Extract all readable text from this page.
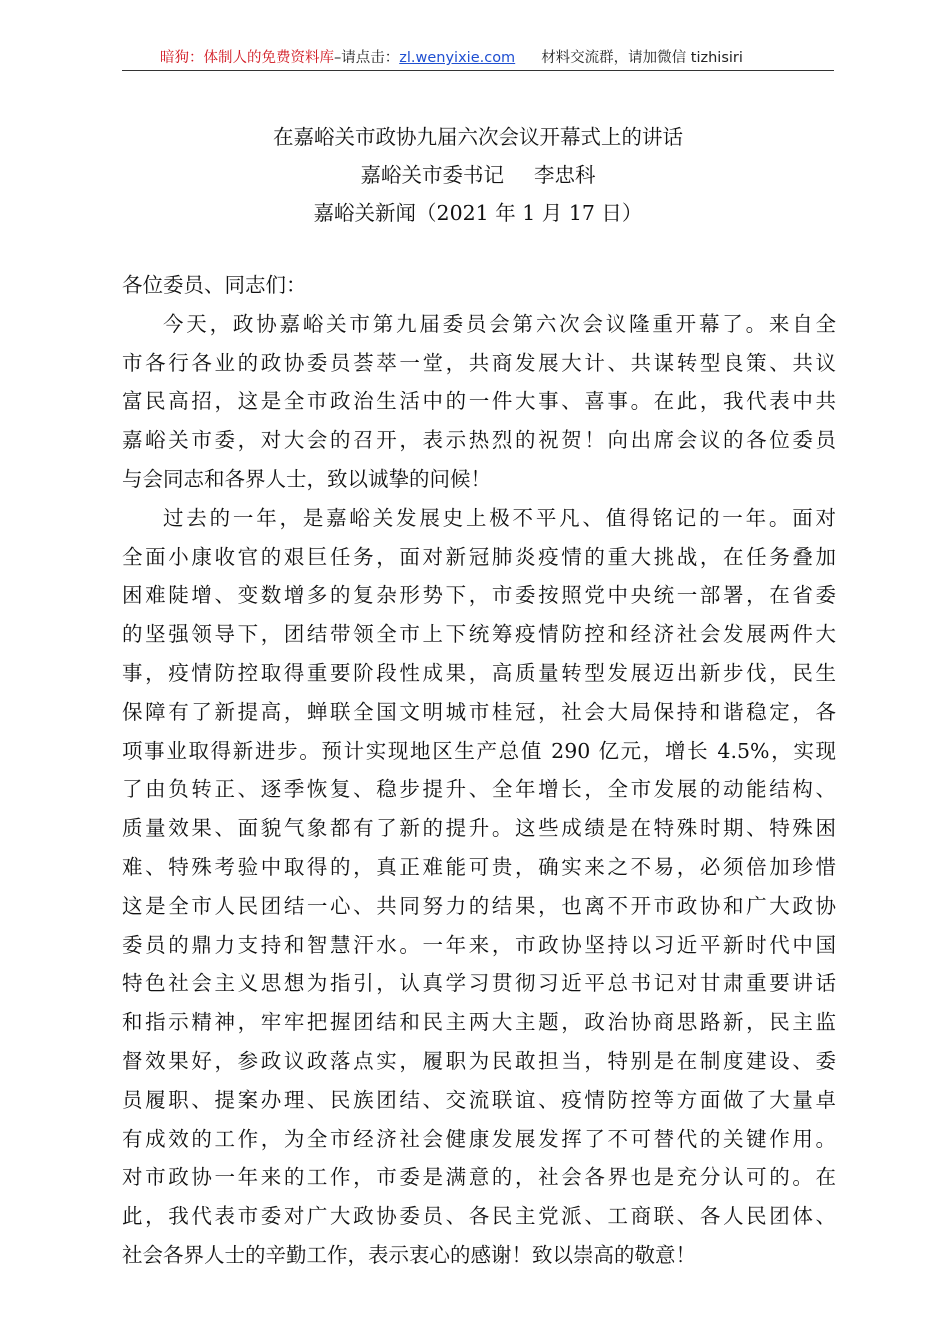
暗狗：体制人的免费资料库–请点击：zl.wenyixie.com 材料交流群，请加微信 tizhisiri
在嘉峪关市政协九届六次会议开幕式上的讲话
嘉峪关市委书记 李忠科
嘉峪关新闻（2021 年 1 月 17 日）
各位委员、同志们：
今天，政协嘉峪关市第九届委员会第六次会议隆重开幕了。来自全
市各行各业的政协委员荟萃一堂，共商发展大计、共谋转型良策、共议
富民高招，这是全市政治生活中的一件大事、喜事。在此，我代表中共
嘉峪关市委，对大会的召开，表示热烈的祝贺！向出席会议的各位委员
与会同志和各界人士，致以诚挚的问候！
过去的一年，是嘉峪关发展史上极不平凡、值得铭记的一年。面对
全面小康收官的艰巨任务，面对新冠肺炎疫情的重大挑战，在任务叠加
困难陡增、变数增多的复杂形势下，市委按照党中央统一部署，在省委
的坚强领导下，团结带领全市上下统筹疫情防控和经济社会发展两件大
事，疫情防控取得重要阶段性成果，高质量转型发展迈出新步伐，民生
保障有了新提高，蝉联全国文明城市桂冠，社会大局保持和谐稳定，各
项事业取得新进步。预计实现地区生产总值 290 亿元，增长 4.5%，实现
了由负转正、逐季恢复、稳步提升、全年增长，全市发展的动能结构、
质量效果、面貌气象都有了新的提升。这些成绩是在特殊时期、特殊困
难、特殊考验中取得的，真正难能可贵，确实来之不易，必须倍加珍惜
这是全市人民团结一心、共同努力的结果，也离不开市政协和广大政协
委员的鼎力支持和智慧汗水。一年来，市政协坚持以习近平新时代中国
特色社会主义思想为指引，认真学习贯彻习近平总书记对甘肃重要讲话
和指示精神，牢牢把握团结和民主两大主题，政治协商思路新，民主监
督效果好，参政议政落点实，履职为民敢担当，特别是在制度建设、委
员履职、提案办理、民族团结、交流联谊、疫情防控等方面做了大量卓
有成效的工作，为全市经济社会健康发展发挥了不可替代的关键作用。
对市政协一年来的工作，市委是满意的，社会各界也是充分认可的。在
此，我代表市委对广大政协委员、各民主党派、工商联、各人民团体、
社会各界人士的辛勤工作，表示衷心的感谢！致以崇高的敬意！
